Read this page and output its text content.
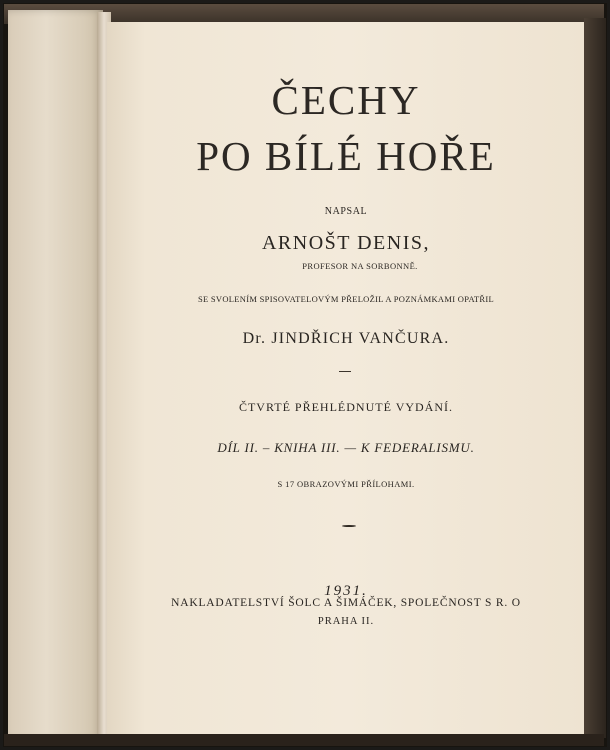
ČECHY
PO BÍLÉ HOŘE
NAPSAL
ARNOŠT DENIS,
PROFESOR NA SORBONNĚ.
SE SVOLENÍM SPISOVATELOVÝM PŘELOŽIL A POZNÁMKAMI OPATŘIL
Dr. JINDŘICH VANČURA.
ČTVRTÉ PŘEHLÉDNUTÉ VYDÁNÍ.
DÍL II. – KNIHA III. — K FEDERALISMU.
S 17 OBRAZOVÝMI PŘÍLOHAMI.
1931.
NAKLADATELSTVÍ ŠOLC A ŠIMÁČEK, SPOLEČNOST S R. O
PRAHA II.
